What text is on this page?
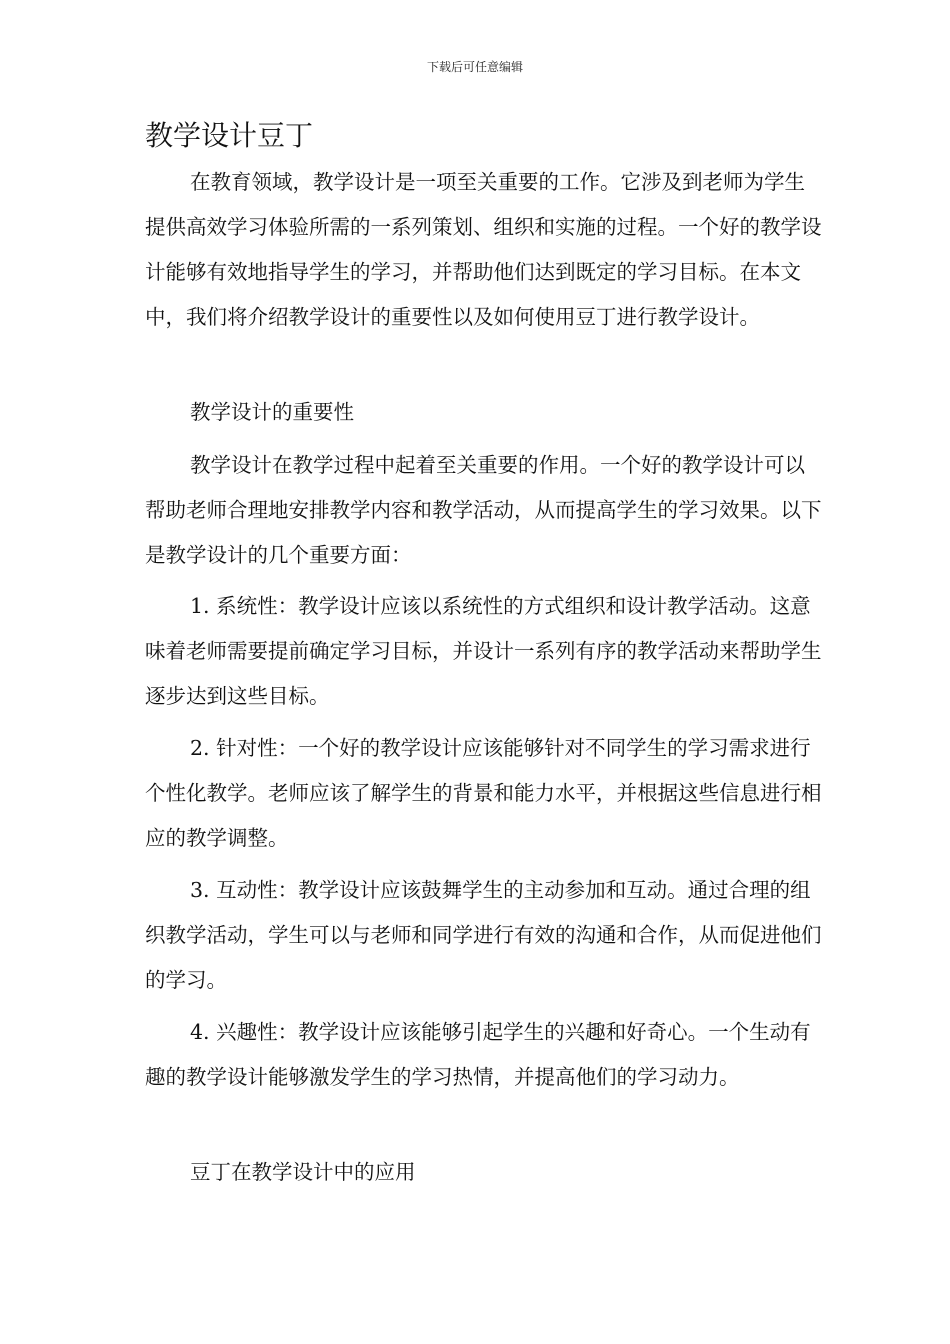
下载后可任意编辑
教学设计豆丁

在教育领域，教学设计是一项至关重要的工作。它涉及到老师为学生提供高效学习体验所需的一系列策划、组织和实施的过程。一个好的教学设计能够有效地指导学生的学习，并帮助他们达到既定的学习目标。在本文中，我们将介绍教学设计的重要性以及如何使用豆丁进行教学设计。

教学设计的重要性

教学设计在教学过程中起着至关重要的作用。一个好的教学设计可以帮助老师合理地安排教学内容和教学活动，从而提高学生的学习效果。以下是教学设计的几个重要方面：

1. 系统性：教学设计应该以系统性的方式组织和设计教学活动。这意味着老师需要提前确定学习目标，并设计一系列有序的教学活动来帮助学生逐步达到这些目标。

2. 针对性：一个好的教学设计应该能够针对不同学生的学习需求进行个性化教学。老师应该了解学生的背景和能力水平，并根据这些信息进行相应的教学调整。

3. 互动性：教学设计应该鼓舞学生的主动参加和互动。通过合理的组织教学活动，学生可以与老师和同学进行有效的沟通和合作，从而促进他们的学习。

4. 兴趣性：教学设计应该能够引起学生的兴趣和好奇心。一个生动有趣的教学设计能够激发学生的学习热情，并提高他们的学习动力。

豆丁在教学设计中的应用
